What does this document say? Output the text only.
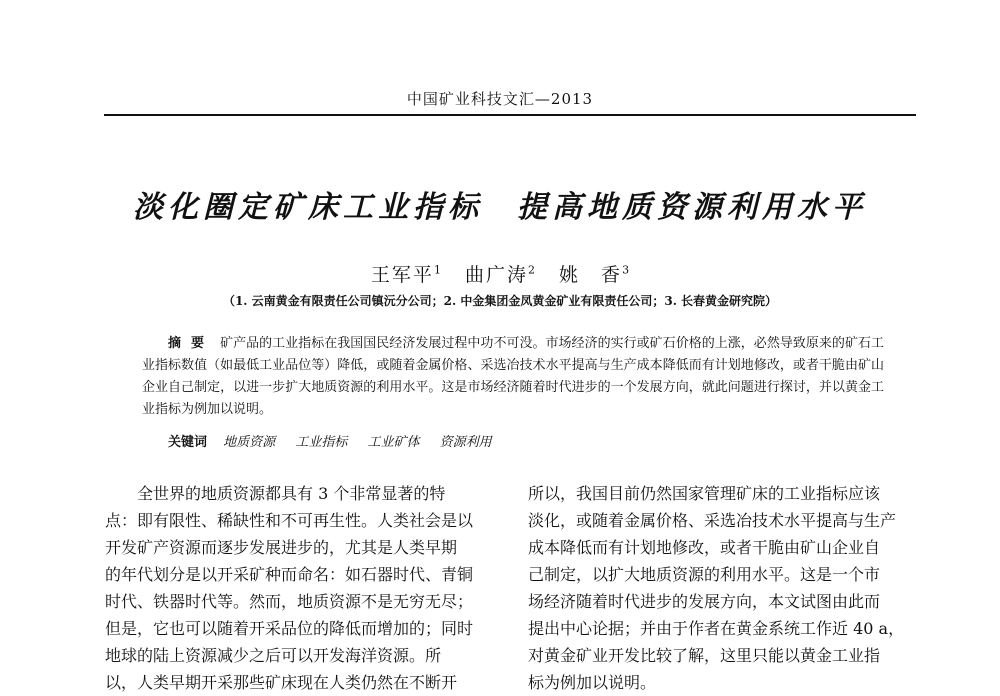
中国矿业科技文汇—2013
淡化圈定矿床工业指标 提高地质资源利用水平
王军平$^1$ 曲广涛$^2$ 姚　香$^3$
（1. 云南黄金有限责任公司镇沅分公司；2. 中金集团金凤黄金矿业有限责任公司；3. 长春黄金研究院）
摘要 矿产品的工业指标在我国国民经济发展过程中功不可没。市场经济的实行或矿石价格的上涨，必然导致原来的矿石工业指标数值（如最低工业品位等）降低，或随着金属价格、采选冶技术水平提高与生产成本降低而有计划地修改，或者干脆由矿山企业自己制定，以进一步扩大地质资源的利用水平。这是市场经济随着时代进步的一个发展方向，就此问题进行探讨，并以黄金工业指标为例加以说明。
关键词 地质资源 工业指标 工业矿体 资源利用
全世界的地质资源都具有 3 个非常显著的特
点：即有限性、稀缺性和不可再生性。人类社会是以
开发矿产资源而逐步发展进步的，尤其是人类早期
的年代划分是以开采矿种而命名：如石器时代、青铜
时代、铁器时代等。然而，地质资源不是无穷无尽；
但是，它也可以随着开采品位的降低而增加的；同时
地球的陆上资源减少之后可以开发海洋资源。所
以，人类早期开采那些矿床现在人类仍然在不断开
所以，我国目前仍然国家管理矿床的工业指标应该
淡化，或随着金属价格、采选冶技术水平提高与生产
成本降低而有计划地修改，或者干脆由矿山企业自
己制定，以扩大地质资源的利用水平。这是一个市
场经济随着时代进步的发展方向，本文试图由此而
提出中心论据；并由于作者在黄金系统工作近 40 a，
对黄金矿业开发比较了解，这里只能以黄金工业指
标为例加以说明。
